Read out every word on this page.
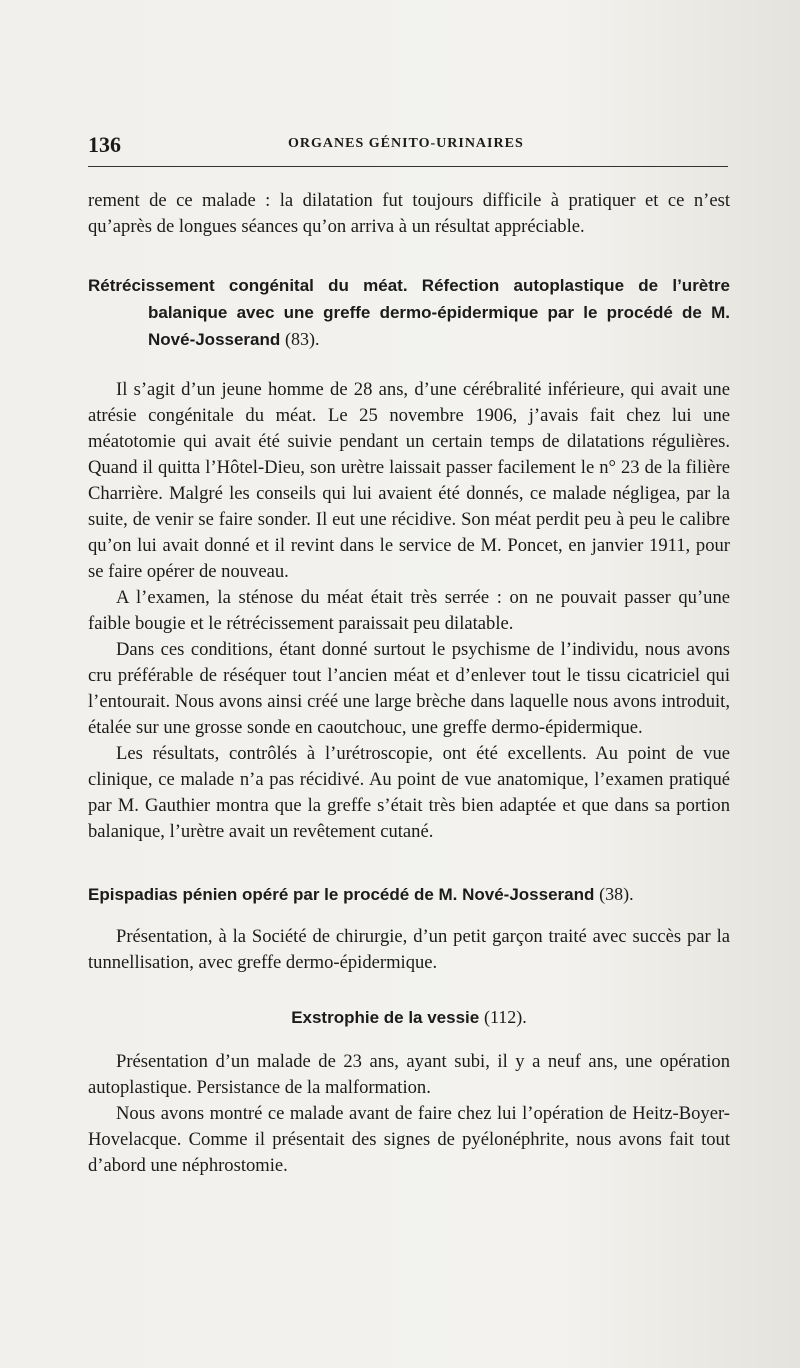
136	ORGANES GÉNITO-URINAIRES

rement de ce malade : la dilatation fut toujours difficile à pratiquer et ce n’est qu’après de longues séances qu’on arriva à un résultat appréciable.

Rétrécissement congénital du méat. Réfection autoplastique de l’urètre balanique avec une greffe dermo-épidermique par le procédé de M. Nové-Josserand (83).

Il s’agit d’un jeune homme de 28 ans, d’une cérébralité inférieure, qui avait une atrésie congénitale du méat. Le 25 novembre 1906, j’avais fait chez lui une méatotomie qui avait été suivie pendant un certain temps de dilatations régulières. Quand il quitta l’Hôtel-Dieu, son urètre laissait passer facilement le n° 23 de la filière Charrière. Malgré les conseils qui lui avaient été donnés, ce malade négligea, par la suite, de venir se faire sonder. Il eut une récidive. Son méat perdit peu à peu le calibre qu’on lui avait donné et il revint dans le service de M. Poncet, en janvier 1911, pour se faire opérer de nouveau.

A l’examen, la sténose du méat était très serrée : on ne pouvait passer qu’une faible bougie et le rétrécissement paraissait peu dilatable.

Dans ces conditions, étant donné surtout le psychisme de l’individu, nous avons cru préférable de réséquer tout l’ancien méat et d’enlever tout le tissu cicatriciel qui l’entourait. Nous avons ainsi créé une large brèche dans laquelle nous avons introduit, étalée sur une grosse sonde en caoutchouc, une greffe dermo-épidermique.

Les résultats, contrôlés à l’urétroscopie, ont été excellents. Au point de vue clinique, ce malade n’a pas récidivé. Au point de vue anatomique, l’examen pratiqué par M. Gauthier montra que la greffe s’était très bien adaptée et que dans sa portion balanique, l’urètre avait un revêtement cutané.

Epispadias pénien opéré par le procédé de M. Nové-Josserand (38).

Présentation, à la Société de chirurgie, d’un petit garçon traité avec succès par la tunnellisation, avec greffe dermo-épidermique.

Exstrophie de la vessie (112).

Présentation d’un malade de 23 ans, ayant subi, il y a neuf ans, une opération autoplastique. Persistance de la malformation.

Nous avons montré ce malade avant de faire chez lui l’opération de Heitz-Boyer-Hovelacque. Comme il présentait des signes de pyélonéphrite, nous avons fait tout d’abord une néphrostomie.
